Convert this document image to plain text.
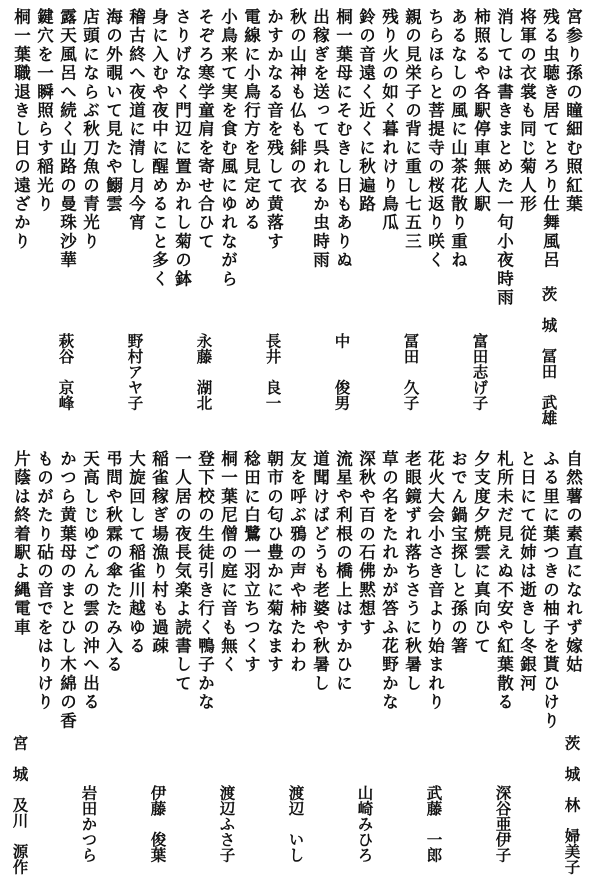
宮参り孫の瞳細む照紅葉
残る虫聴き居てとろり仕舞風呂
将軍の衣裳も同じ菊人形
消しては書きまとめた一句小夜時雨
柿照るや各駅停車無人駅
あるなしの風に山茶花散り重ね
ちらほらと菩提寺の桜返り咲く
親の見栄子の背に重し七五三
残り火の如く暮れけり鳥瓜
鈴の音遠く近くに秋遍路
桐一葉母にそむきし日もありぬ
出稼ぎを送って呉れるか虫時雨
秋の山神も仏も緋の衣
かすかなる音を残して黄落す
電線に小鳥行方を見定める
小鳥来て実を食む風にゆれながら
そぞろ寒学童肩を寄せ合ひて
さりげなく門辺に置かれし菊の鉢
身に入むや夜中に醒めること多く
稽古終へ夜道に清し月今宵
海の外覗いて見たや鰯雲
店頭にならぶ秋刀魚の青光り
露天風呂へ続く山路の曼珠沙華
鍵穴を一瞬照らす稲光り
桐一葉職退きし日の遠ざかり
茨　城　冨田　武雄
富田志げ子
冨田　久子
中　　俊男
長井　良一
永藤　湖北
野村アヤ子
萩谷　京峰
自然薯の素直になれず嫁姑
ふる里に葉つきの柚子を貰ひけり
と日にて従姉は逝きし冬銀河
札所未だ見えぬ不安や紅葉散る
夕支度夕焼雲に真向ひて
おでん鍋宝探しと孫の箸
花火大会小さき音より始まれり
老眼鏡ずれ落ちさうに秋暑し
草の名をたれかが答ふ花野かな
深秋や百の石佛黙想す
流星や利根の橋上はすかひに
道聞けばどうも老婆や秋暑し
友を呼ぶ鴉の声や柿たわわ
朝市の匂ひ豊かに菊なます
稔田に白鷺一羽立ちつくす
桐一葉尼僧の庭に音も無く
登下校の生徒引き行く鴨子かな
一人居の夜長気楽よ読書して
稲雀稼ぎ場漁り村も過疎
大旋回して稲雀川越ゆる
弔問や秋霖の傘たたみ入る
天高しじゆごんの雲の沖へ出る
かつら黄葉母のまとひし木綿の香
ものがたり砧の音でをはりけり
片蔭は終着駅よ縄電車
茨　城　林　婦美子
深谷亜伊子
武藤　一郎
山崎みひろ
渡辺　いし
渡辺ふさ子
伊藤　俊葉
岩田かつら
宮　城　及川　源作
